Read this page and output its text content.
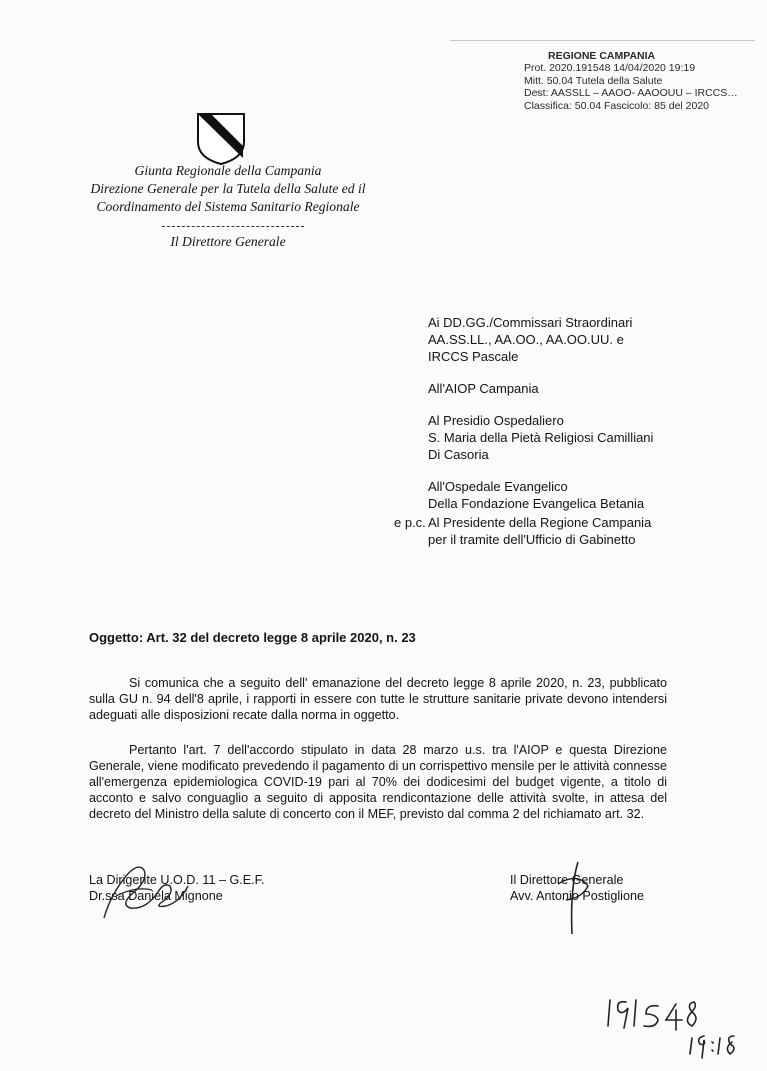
REGIONE CAMPANIA
Prot. 2020.191548 14/04/2020 19:19
Mitt. 50.04 Tutela della Salute
Dest: AASSLL – AAOO- AAOOUU – IRCCS…
Classifica: 50.04 Fascicolo: 85 del 2020
Giunta Regionale della Campania
Direzione Generale per la Tutela della Salute ed il
Coordinamento del Sistema Sanitario Regionale
Il Direttore Generale
Ai DD.GG./Commissari Straordinari
AA.SS.LL., AA.OO., AA.OO.UU. e
IRCCS Pascale
All'AIOP Campania
Al Presidio Ospedaliero
S. Maria della Pietà Religiosi Camilliani
Di Casoria
All'Ospedale Evangelico
Della Fondazione Evangelica Betania
e p.c. Al Presidente della Regione Campania
per il tramite dell'Ufficio di Gabinetto
Oggetto: Art. 32 del decreto legge 8 aprile 2020, n. 23

Si comunica che a seguito dell' emanazione del decreto legge 8 aprile 2020, n. 23, pubblicato sulla GU n. 94 dell'8 aprile, i rapporti in essere con tutte le strutture sanitarie private devono intendersi adeguati alle disposizioni recate dalla norma in oggetto.

Pertanto l'art. 7 dell'accordo stipulato in data 28 marzo u.s. tra l'AIOP e questa Direzione Generale, viene modificato prevedendo il pagamento di un corrispettivo mensile per le attività connesse all'emergenza epidemiologica COVID-19 pari al 70% dei dodicesimi del budget vigente, a titolo di acconto e salvo conguaglio a seguito di apposita rendicontazione delle attività svolte, in attesa del decreto del Ministro della salute di concerto con il MEF, previsto dal comma 2 del richiamato art. 32.

La Dirigente U.O.D. 11 – G.E.F.
Dr.ssa Daniela Mignone
Il Direttore Generale
Avv. Antonio Postiglione
